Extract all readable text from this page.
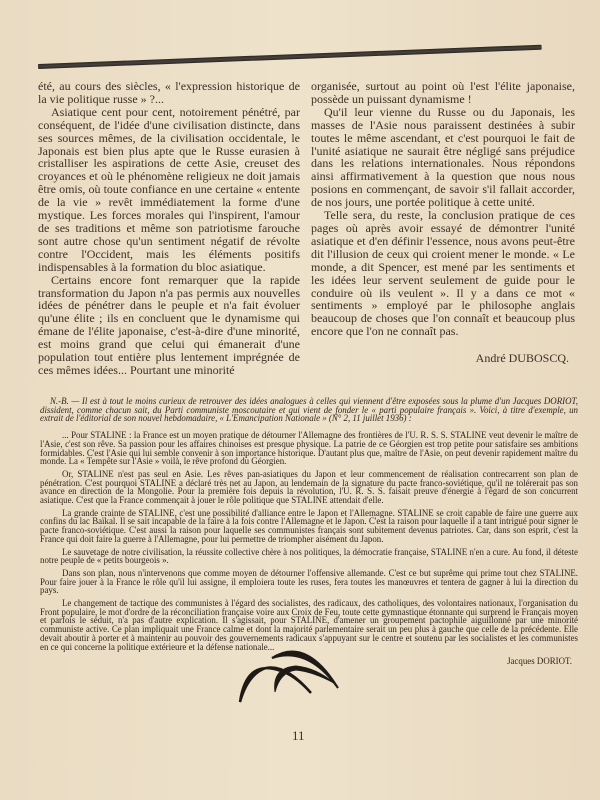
été, au cours des siècles, « l'expression historique de la vie politique russe » ?...

Asiatique cent pour cent, notoirement pénétré, par conséquent, de l'idée d'une civilisation distincte, dans ses sources mêmes, de la civilisation occidentale, le Japonais est bien plus apte que le Russe eurasien à cristalliser les aspirations de cette Asie, creuset des croyances et où le phénomène religieux ne doit jamais être omis, où toute confiance en une certaine « entente de la vie » revêt immédiatement la forme d'une mystique. Les forces morales qui l'inspirent, l'amour de ses traditions et même son patriotisme farouche sont autre chose qu'un sentiment négatif de révolte contre l'Occident, mais les éléments positifs indispensables à la formation du bloc asiatique.

Certains encore font remarquer que la rapide transformation du Japon n'a pas permis aux nouvelles idées de pénétrer dans le peuple et n'a fait évoluer qu'une élite ; ils en concluent que le dynamisme qui émane de l'élite japonaise, c'est-à-dire d'une minorité, est moins grand que celui qui émanerait d'une population tout entière plus lentement imprégnée de ces mêmes idées... Pourtant une minorité

organisée, surtout au point où l'est l'élite japonaise, possède un puissant dynamisme !

Qu'il leur vienne du Russe ou du Japonais, les masses de l'Asie nous paraissent destinées à subir toutes le même ascendant, et c'est pourquoi le fait de l'unité asiatique ne saurait être négligé sans préjudice dans les relations internationales. Nous répondons ainsi affirmativement à la question que nous nous posions en commençant, de savoir s'il fallait accorder, de nos jours, une portée politique à cette unité.

Telle sera, du reste, la conclusion pratique de ces pages où après avoir essayé de démontrer l'unité asiatique et d'en définir l'essence, nous avons peut-être dit l'illusion de ceux qui croient mener le monde. « Le monde, a dit Spencer, est mené par les sentiments et les idées leur servent seulement de guide pour le conduire où ils veulent ». Il y a dans ce mot « sentiments » employé par le philosophe anglais beaucoup de choses que l'on connaît et beaucoup plus encore que l'on ne connaît pas.

André DUBOSCQ.

N.-B. — Il est à tout le moins curieux de retrouver des idées analogues à celles qui viennent d'être exposées sous la plume d'un Jacques DORIOT, dissident, comme chacun sait, du Parti communiste moscoutaire et qui vient de fonder le « parti populaire français ». Voici, à titre d'exemple, un extrait de l'éditorial de son nouvel hebdomadaire, « L'Emancipation Nationale » (N° 2, 11 juillet 1936) :

... Pour STALINE : la France est un moyen pratique de détourner l'Allemagne des frontières de l'U. R. S. S. STALINE veut devenir le maître de l'Asie, c'est son rêve. Sa passion pour les affaires chinoises est presque physique. La patrie de ce Géorgien est trop petite pour satisfaire ses ambitions formidables. C'est l'Asie qui lui semble convenir à son importance historique. D'autant plus que, maître de l'Asie, on peut devenir rapidement maître du monde. La « Tempête sur l'Asie » voilà, le rêve profond du Géorgien.

Or, STALINE n'est pas seul en Asie. Les rêves pan-asiatiques du Japon et leur commencement de réalisation contrecarrent son plan de pénétration. C'est pourquoi STALINE a déclaré très net au Japon, au lendemain de la signature du pacte franco-soviétique, qu'il ne tolérerait pas son avance en direction de la Mongolie. Pour la première fois depuis la révolution, l'U. R. S. S. faisait preuve d'énergie à l'égard de son concurrent asiatique. C'est que la France commençait à jouer le rôle politique que STALINE attendait d'elle.

La grande crainte de STALINE, c'est une possibilité d'alliance entre le Japon et l'Allemagne. STALINE se croit capable de faire une guerre aux confins du lac Baïkal. Il se sait incapable de la faire à la fois contre l'Allemagne et le Japon. C'est la raison pour laquelle il a tant intrigué pour signer le pacte franco-soviétique. C'est aussi la raison pour laquelle ses communistes français sont subitement devenus patriotes. Car, dans son esprit, c'est la France qui doit faire la guerre à l'Allemagne, pour lui permettre de triompher aisément du Japon.

Le sauvetage de notre civilisation, la réussite collective chère à nos politiques, la démocratie française, STALINE n'en a cure. Au fond, il déteste notre peuple de « petits bourgeois ».

Dans son plan, nous n'intervenons que comme moyen de détourner l'offensive allemande. C'est ce but suprême qui prime tout chez STALINE. Pour faire jouer à la France le rôle qu'il lui assigne, il emploiera toute les ruses, fera toutes les manœuvres et tentera de gagner à lui la direction du pays.

Le changement de tactique des communistes à l'égard des socialistes, des radicaux, des catholiques, des volontaires nationaux, l'organisation du Front populaire, le mot d'ordre de la réconciliation française voire aux Croix de Feu, toute cette gymnastique étonnante qui surprend le Français moyen et parfois le séduit, n'a pas d'autre explication. Il s'agissait, pour STALINE, d'amener un groupement pactophile aiguillonné par une minorité communiste active. Ce plan impliquait une France calme et dont la majorité parlementaire serait un peu plus à gauche que celle de la précédente. Elle devait aboutir à porter et à maintenir au pouvoir des gouvernements radicaux s'appuyant sur le centre et soutenu par les socialistes et les communistes en ce qui concerne la politique extérieure et la défense nationale...

Jacques DORIOT.

11
